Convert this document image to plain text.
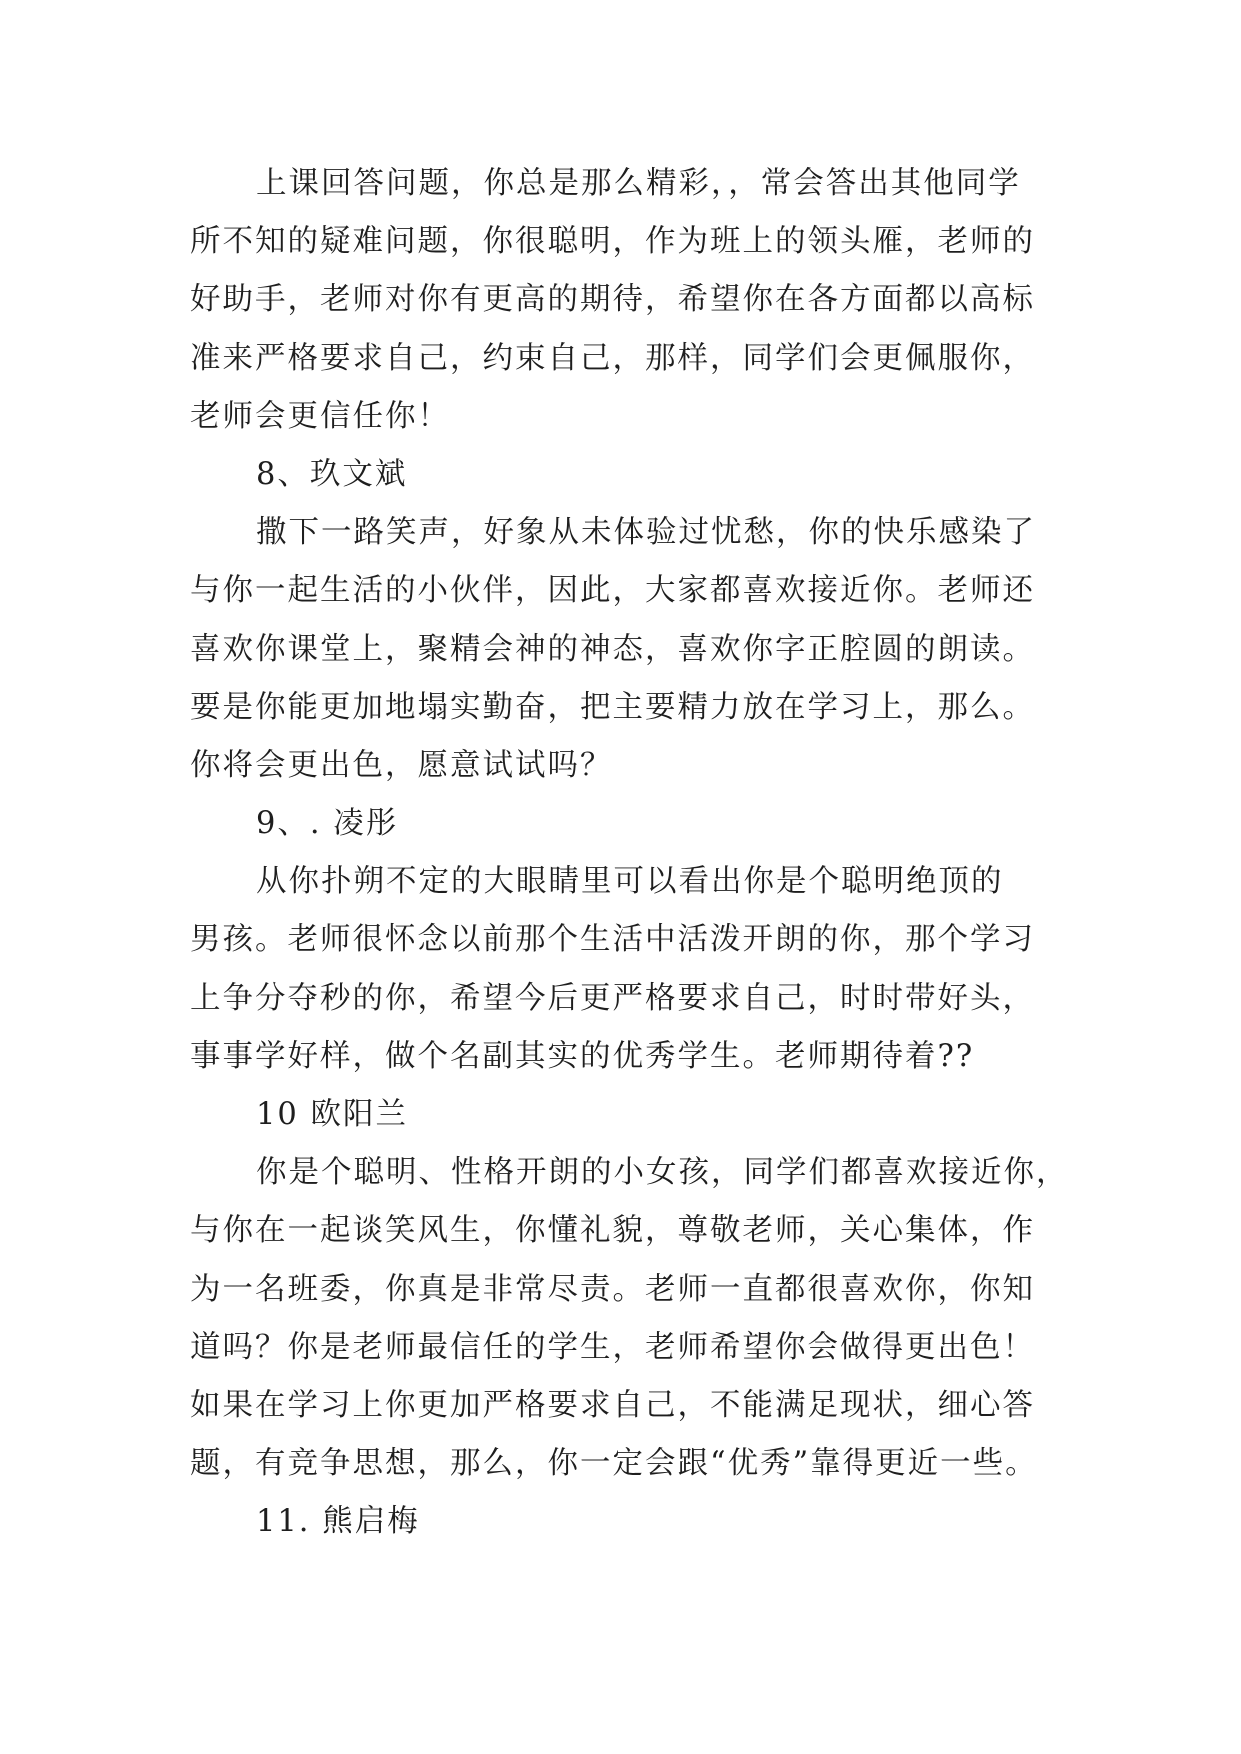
上课回答问题，你总是那么精彩，，常会答出其他同学
所不知的疑难问题，你很聪明，作为班上的领头雁，老师的
好助手，老师对你有更高的期待，希望你在各方面都以高标
准来严格要求自己，约束自己，那样，同学们会更佩服你，
老师会更信任你！
8、玖文斌
撒下一路笑声，好象从未体验过忧愁，你的快乐感染了
与你一起生活的小伙伴，因此，大家都喜欢接近你。老师还
喜欢你课堂上，聚精会神的神态，喜欢你字正腔圆的朗读。
要是你能更加地塌实勤奋，把主要精力放在学习上，那么。
你将会更出色，愿意试试吗？
9、. 凌彤
从你扑朔不定的大眼睛里可以看出你是个聪明绝顶的
男孩。老师很怀念以前那个生活中活泼开朗的你，那个学习
上争分夺秒的你，希望今后更严格要求自己，时时带好头，
事事学好样，做个名副其实的优秀学生。老师期待着??
10 欧阳兰
你是个聪明、性格开朗的小女孩，同学们都喜欢接近你，
与你在一起谈笑风生，你懂礼貌，尊敬老师，关心集体，作
为一名班委，你真是非常尽责。老师一直都很喜欢你，你知
道吗？你是老师最信任的学生，老师希望你会做得更出色！
如果在学习上你更加严格要求自己，不能满足现状，细心答
题，有竞争思想，那么，你一定会跟“优秀”靠得更近一些。
11. 熊启梅
